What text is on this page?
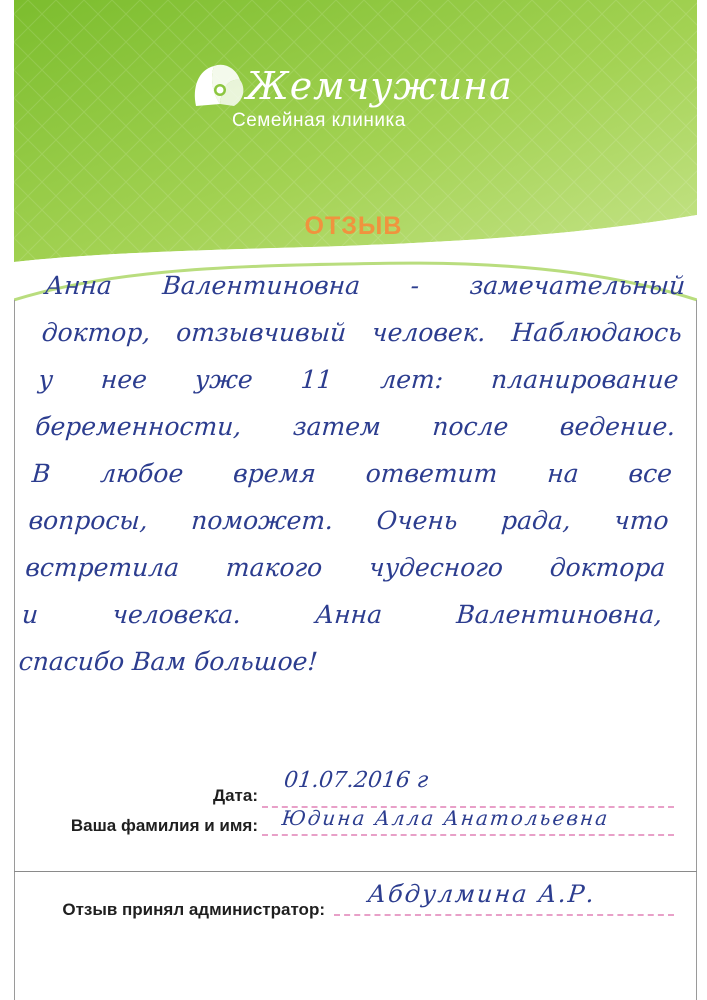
Жемчужина
Семейная клиника
ОТЗЫВ
Анна Валентиновна - замечательный
доктор, отзывчивый человек. Наблюдаюсь
у нее уже 11 лет: планирование
беременности, затем после ведение.
В любое время ответит на все
вопросы, поможет. Очень рада, что
встретила такого чудесного доктора
и человека. Анна Валентиновна,
спасибо Вам большое!
Дата:
01.07.2016 г
Ваша фамилия и имя: Юдина Алла Анатольевна
Отзыв принял администратор:
Абдулмина А.Р.
